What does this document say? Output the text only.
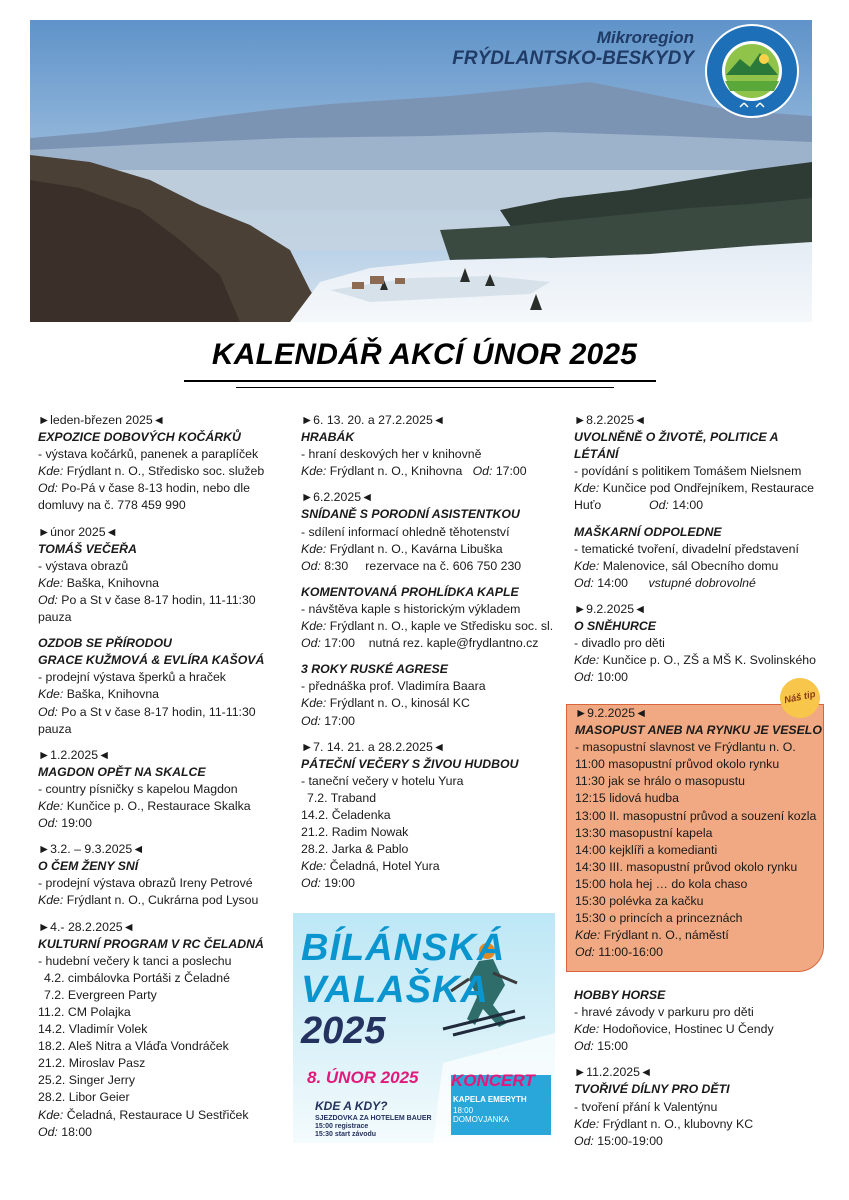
Mikroregion
FRÝDLANTSKO-BESKYDY
KALENDÁŘ AKCÍ ÚNOR 2025
►leden-březen 2025◄
EXPOZICE DOBOVÝCH KOČÁRKŮ
- výstava kočárků, panenek a paraplíček
Kde: Frýdlant n. O., Středisko soc. služeb
Od: Po-Pá v čase 8-13 hodin, nebo dle domluvy na č. 778 459 990
►únor 2025◄
TOMÁŠ VEČEŘA
- výstava obrazů
Kde: Baška, Knihovna
Od: Po a St v čase 8-17 hodin, 11-11:30 pauza
OZDOB SE PŘÍRODOU
GRACE KUŽMOVÁ & EVLÍRA KAŠOVÁ
- prodejní výstava šperků a hraček
Kde: Baška, Knihovna
Od: Po a St v čase 8-17 hodin, 11-11:30 pauza
►1.2.2025◄
MAGDON OPĚT NA SKALCE
- country písničky s kapelou Magdon
Kde: Kunčice p. O., Restaurace Skalka
Od: 19:00
►3.2. – 9.3.2025◄
O ČEM ŽENY SNÍ
- prodejní výstava obrazů Ireny Petrové
Kde: Frýdlant n. O., Cukrárna pod Lysou
►4.- 28.2.2025◄
KULTURNÍ PROGRAM V RC ČELADNÁ
- hudební večery k tanci a poslechu
4.2. cimbálovka Portáši z Čeladné
7.2. Evergreen Party
11.2. CM Polajka
14.2. Vladimír Volek
18.2. Aleš Nitra a Vláďa Vondráček
21.2. Miroslav Pasz
25.2. Singer Jerry
28.2. Libor Geier
Kde: Čeladná, Restaurace U Sestřiček
Od: 18:00
►6. 13. 20. a 27.2.2025◄
HRABÁK
- hraní deskových her v knihovně
Kde: Frýdlant n. O., Knihovna Od: 17:00
►6.2.2025◄
SNÍDANĚ S PORODNÍ ASISTENTKOU
- sdílení informací ohledně těhotenství
Kde: Frýdlant n. O., Kavárna Libuška
Od: 8:30 rezervace na č. 606 750 230
KOMENTOVANÁ PROHLÍDKA KAPLE
- návštěva kaple s historickým výkladem
Kde: Frýdlant n. O., kaple ve Středisku soc. sl.
Od: 17:00 nutná rez. kaple@frydlantno.cz
3 ROKY RUSKÉ AGRESE
- přednáška prof. Vladimíra Baara
Kde: Frýdlant n. O., kinosál KC
Od: 17:00
►7. 14. 21. a 28.2.2025◄
PÁTEČNÍ VEČERY S ŽIVOU HUDBOU
- taneční večery v hotelu Yura
7.2. Traband
14.2. Čeladenka
21.2. Radim Nowak
28.2. Jarka & Pablo
Kde: Čeladná, Hotel Yura
Od: 19:00
BÍLÁNSKÁ
VALAŠKA
2025
8. ÚNOR 2025
KDE A KDY?
SJEZDOVKA ZA HOTELEM BAUER
15:00 registrace
15:30 start závodu
KONCERT
KAPELA EMERYTH
18:00
DOMOVJANKA
►8.2.2025◄
UVOLNĚNĚ O ŽIVOTĚ, POLITICE A LÉTÁNÍ
- povídání s politikem Tomášem Nielsnem
Kde: Kunčice pod Ondřejníkem, Restaurace Huťo	Od: 14:00
MAŠKARNÍ ODPOLEDNE
- tematické tvoření, divadelní představení
Kde: Malenovice, sál Obecního domu
Od: 14:00 vstupné dobrovolné
►9.2.2025◄
O SNĚHURCE
- divadlo pro děti
Kde: Kunčice p. O., ZŠ a MŠ K. Svolinského
Od: 10:00
►9.2.2025◄
MASOPUST ANEB NA RYNKU JE VESELO
- masopustní slavnost ve Frýdlantu n. O.
11:00 masopustní průvod okolo rynku
11:30 jak se hrálo o masopustu
12:15 lidová hudba
13:00 II. masopustní průvod a souzení kozla
13:30 masopustní kapela
14:00 kejklíři a komedianti
14:30 III. masopustní průvod okolo rynku
15:00 hola hej … do kola chaso
15:30 polévka za kačku
15:30 o princích a princeznách
Kde: Frýdlant n. O., náměstí
Od: 11:00-16:00
Náš tip
HOBBY HORSE
- hravé závody v parkuru pro děti
Kde: Hodoňovice, Hostinec U Čendy
Od: 15:00
►11.2.2025◄
TVOŘIVÉ DÍLNY PRO DĚTI
- tvoření přání k Valentýnu
Kde: Frýdlant n. O., klubovny KC
Od: 15:00-19:00
